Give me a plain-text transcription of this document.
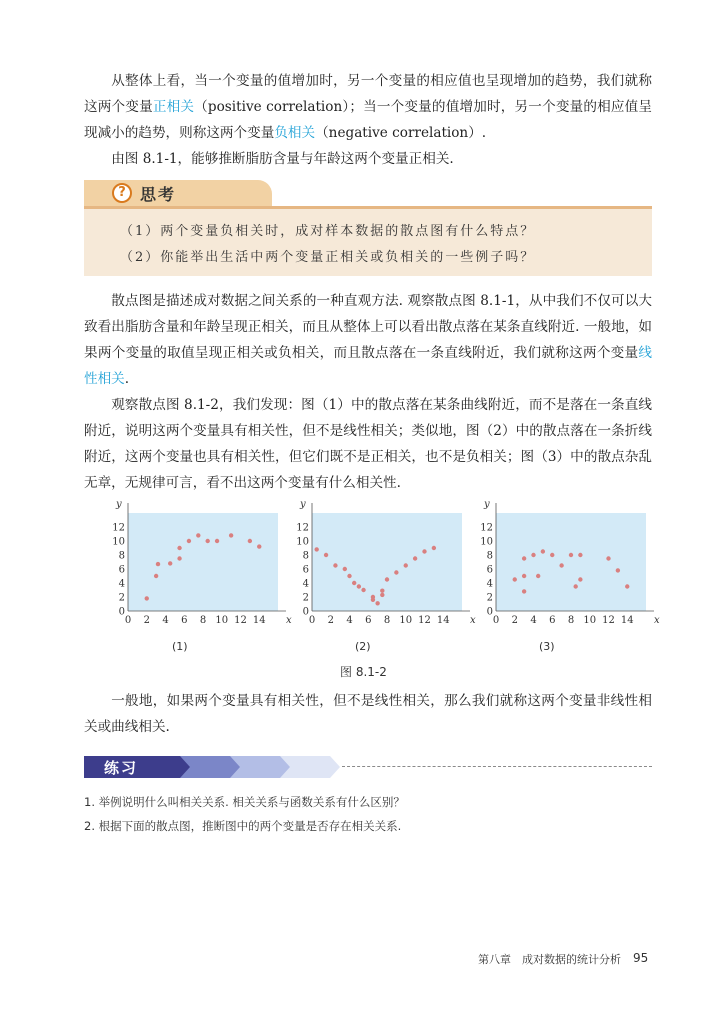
从整体上看，当一个变量的值增加时，另一个变量的相应值也呈现增加的趋势，我们就称这两个变量正相关（positive correlation）；当一个变量的值增加时，另一个变量的相应值呈现减小的趋势，则称这两个变量负相关（negative correlation）.

由图 8.1-1，能够推断脂肪含量与年龄这两个变量正相关.

? 思考
（1）两个变量负相关时，成对样本数据的散点图有什么特点？
（2）你能举出生活中两个变量正相关或负相关的一些例子吗？

散点图是描述成对数据之间关系的一种直观方法. 观察散点图 8.1-1，从中我们不仅可以大致看出脂肪含量和年龄呈现正相关，而且从整体上可以看出散点落在某条直线附近. 一般地，如果两个变量的取值呈现正相关或负相关，而且散点落在一条直线附近，我们就称这两个变量线性相关.

观察散点图 8.1-2，我们发现：图（1）中的散点落在某条曲线附近，而不是落在一条直线附近，说明这两个变量具有相关性，但不是线性相关；类似地，图（2）中的散点落在一条折线附近，这两个变量也具有相关性，但它们既不是正相关，也不是负相关；图（3）中的散点杂乱无章，无规律可言，看不出这两个变量有什么相关性.

x
y
0 2 4 6 8 10 12 14
0
2
4
6
8
10
12
x
y
0 2 4 6 8 10 12 14
0
2
4
6
8
10
12
x
y
0 2 4 6 8 10 12 14
0
2
4
6
8
10
12
(1)	(2)	(3)
图 8.1-2

一般地，如果两个变量具有相关性，但不是线性相关，那么我们就称这两个变量非线性相关或曲线相关.

练习
1. 举例说明什么叫相关关系. 相关关系与函数关系有什么区别？
2. 根据下面的散点图，推断图中的两个变量是否存在相关关系.
第八章　成对数据的统计分析 95
